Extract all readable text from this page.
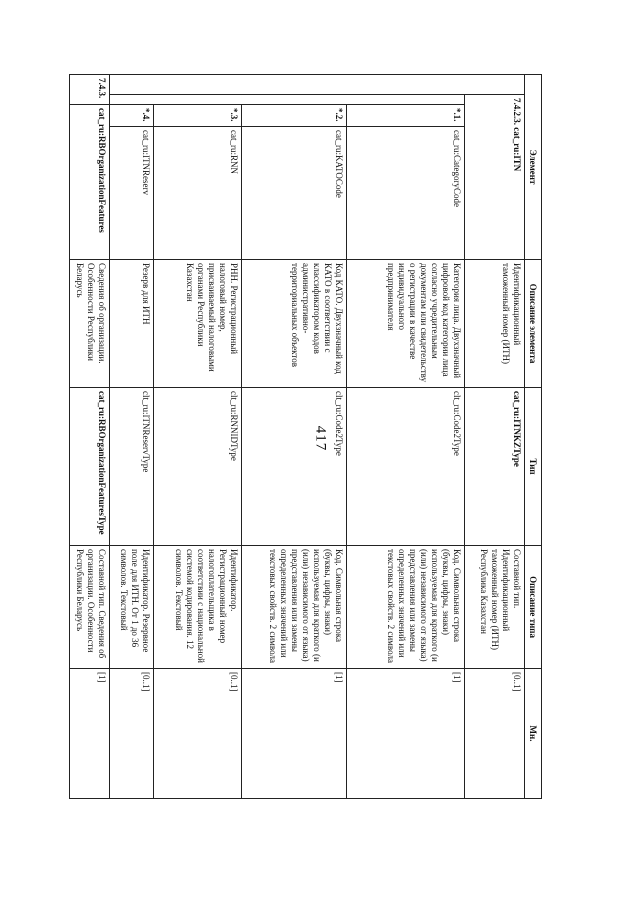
417
Элемент				Описание элемента	Тип	Описание типа	Мн.
	7.4.2.3. cat_ru:ITN			Идентификационный таможенный номер (ИТН)	cat_ru:ITNKZType	Составной тип. Идентификационный таможенный номер (ИТН) Республика Казахстан	[0..1]
		*.1.	cat_ru:CategoryCode	Категория лица. Двухзначный цифровой код категории лица согласно учредительным документам или свидетельству о регистрации в качестве индивидуального предпринимателя	clt_ru:Code2Type	Код. Символьная строка (буквы, цифры, знаки) используемая для краткого (и (или) независимого от языка) представления или замены определенных значений или текстовых свойств. 2 символа	[1]
		*.2.	cat_ru:KATOCode	Код КАТО. Двухзначный код КАТО в соответствии с классификатором кодов административно-территориальных объектов	clt_ru:Code2Type	Код. Символьная строка (буквы, цифры, знаки) используемая для краткого (и (или) независимого от языка) представления или замены определенных значений или текстовых свойств. 2 символа	[1]
		*.3.	cat_ru:RNN	РНН. Регистрационный налоговый номер, присваиваемый налоговыми органами Республики Казахстан	clt_ru:RNNIDType	Идентификатор. Регистрационный номер налогоплательщика в соответствии с национальной системой кодирования. 12 символов. Текстовый	[0..1]
		*.4.	cat_ru:ITNReserv	Резерв для ИТН	clt_ru:ITNReservType	Идентификатор. Резервное поле для ИТН. От 1 до 36 символов. Текстовый	[0..1]
7.4.3.		cat_ru:RBOrganizationFeatures		Сведения об организации. Особенности Республики Беларусь	cat_ru:RBOrganizationFeaturesType	Составной тип. Сведения об организации. Особенности Республики Беларусь	[1]
